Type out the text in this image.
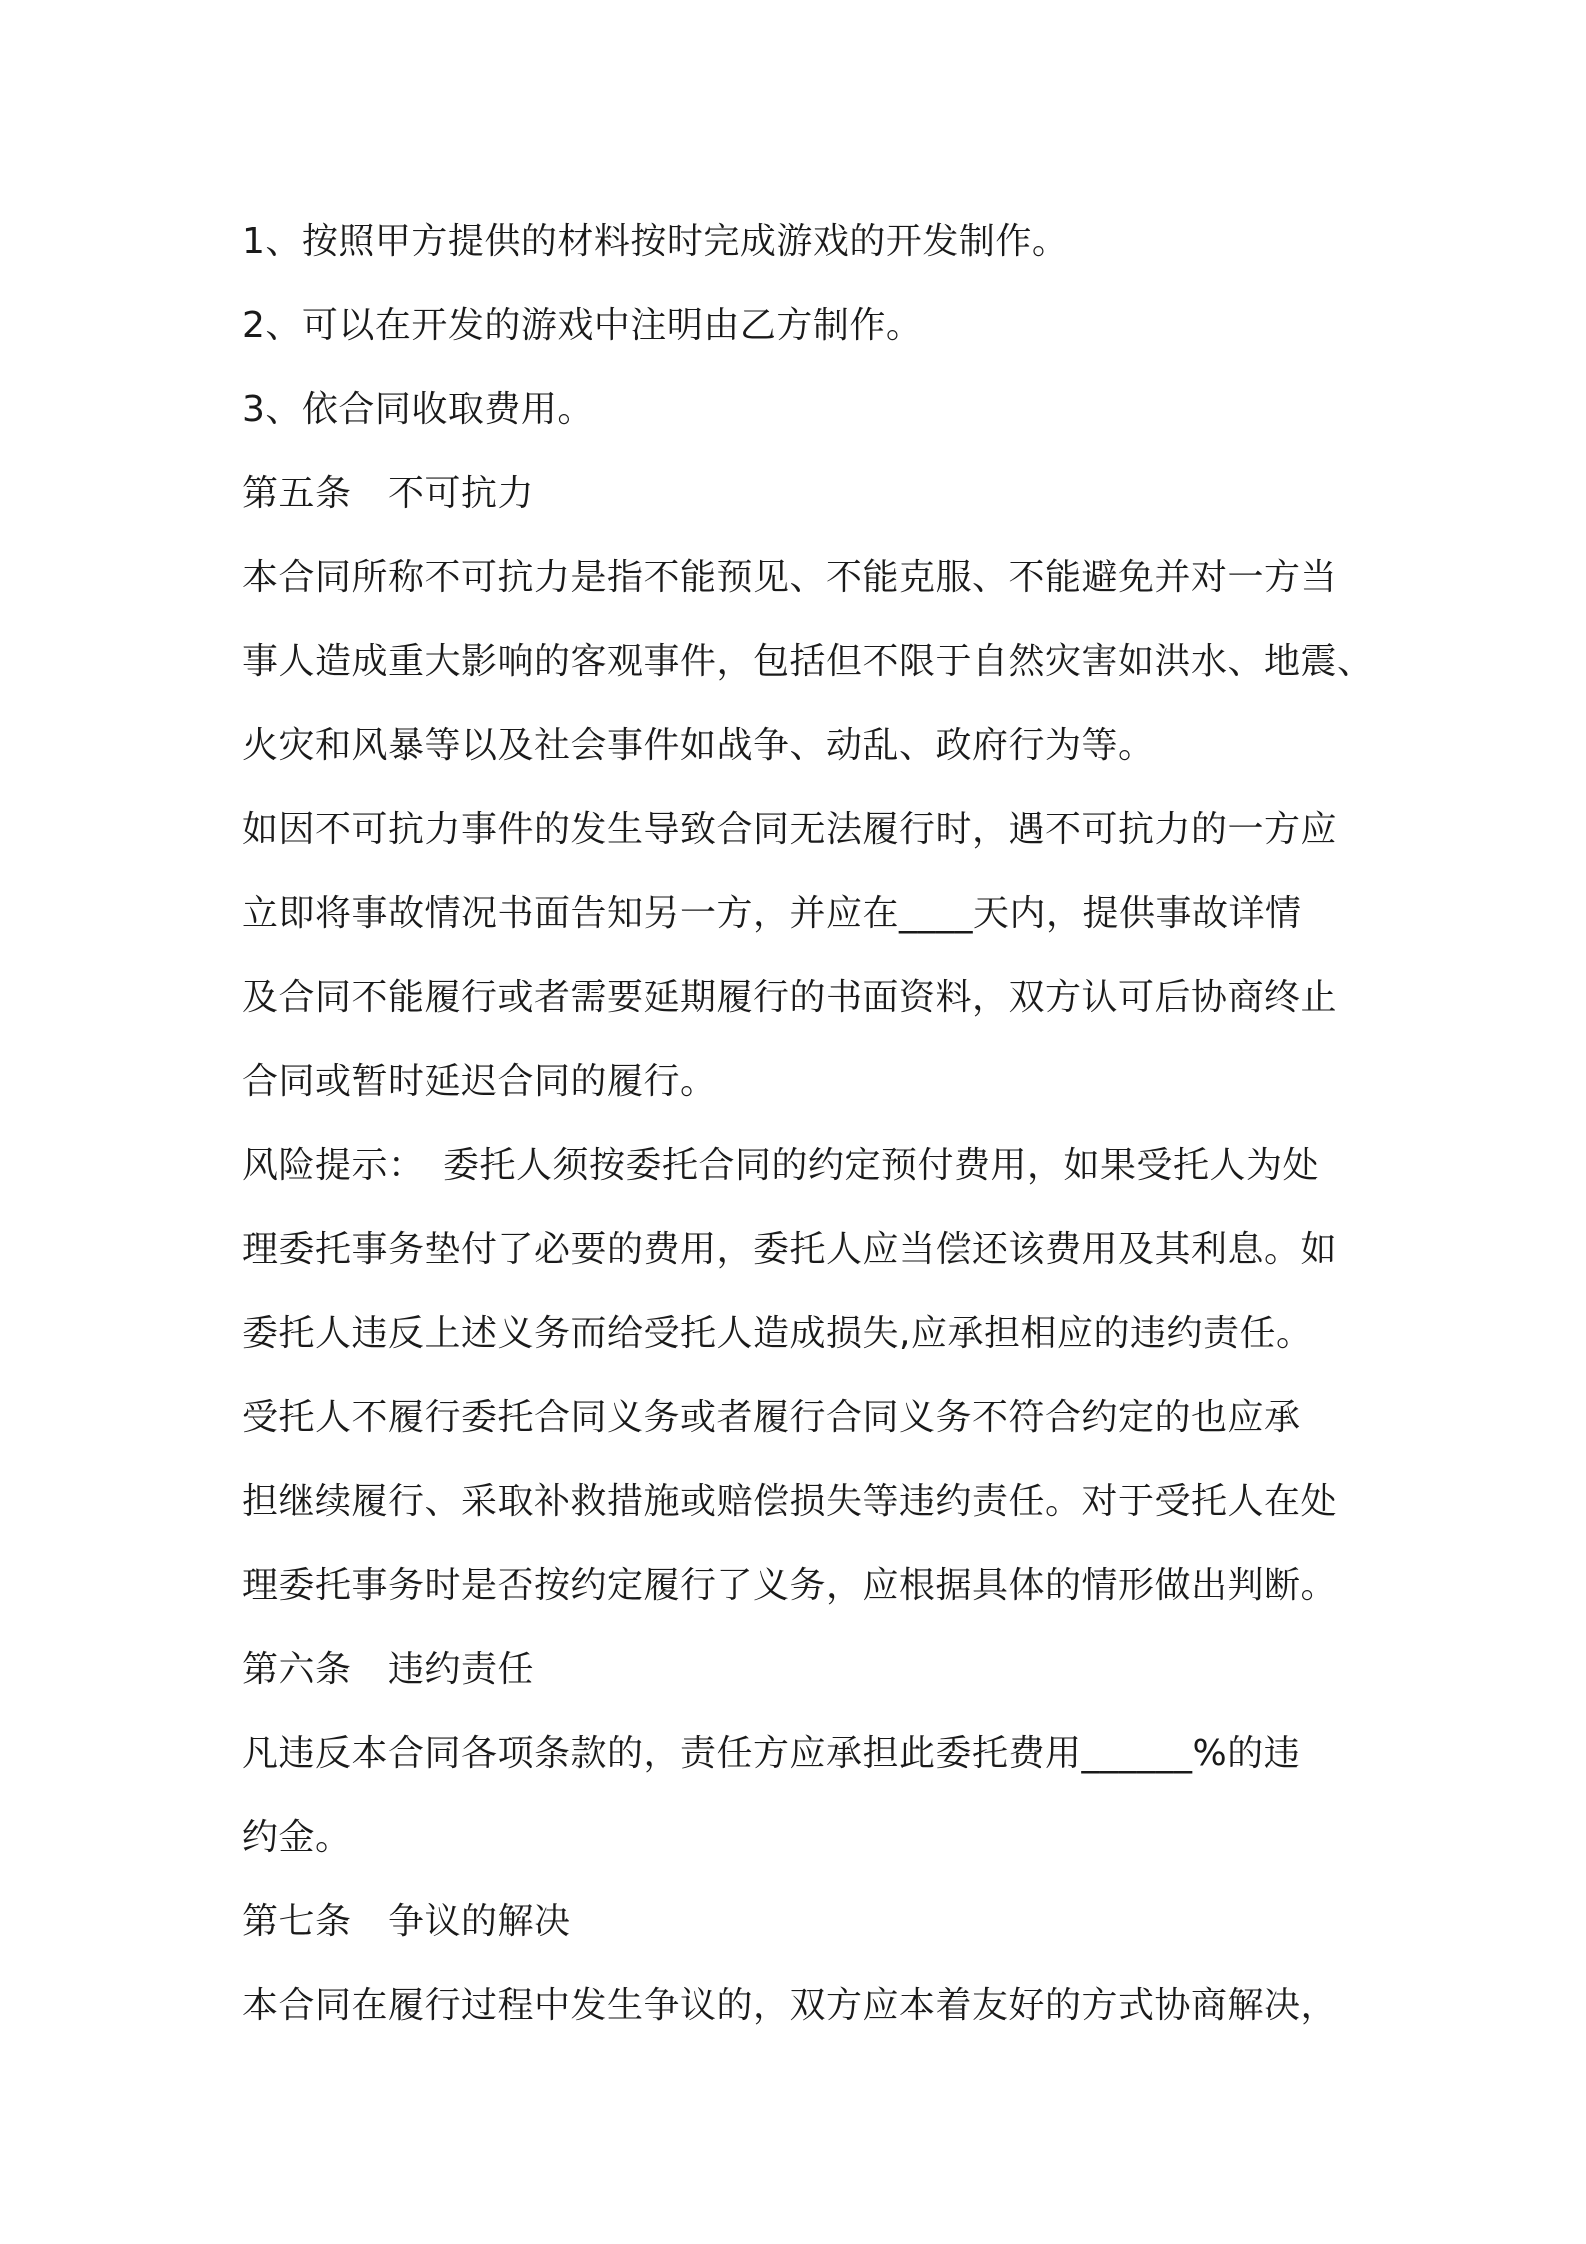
1、按照甲方提供的材料按时完成游戏的开发制作。
2、可以在开发的游戏中注明由乙方制作。
3、依合同收取费用。
第五条　不可抗力
本合同所称不可抗力是指不能预见、不能克服、不能避免并对一方当
事人造成重大影响的客观事件，包括但不限于自然灾害如洪水、地震、
火灾和风暴等以及社会事件如战争、动乱、政府行为等。
如因不可抗力事件的发生导致合同无法履行时，遇不可抗力的一方应
立即将事故情况书面告知另一方，并应在____天内，提供事故详情
及合同不能履行或者需要延期履行的书面资料，双方认可后协商终止
合同或暂时延迟合同的履行。
风险提示：　委托人须按委托合同的约定预付费用，如果受托人为处
理委托事务垫付了必要的费用，委托人应当偿还该费用及其利息。如
委托人违反上述义务而给受托人造成损失,应承担相应的违约责任。
受托人不履行委托合同义务或者履行合同义务不符合约定的也应承
担继续履行、采取补救措施或赔偿损失等违约责任。对于受托人在处
理委托事务时是否按约定履行了义务，应根据具体的情形做出判断。
第六条　违约责任
凡违反本合同各项条款的，责任方应承担此委托费用______%的违
约金。
第七条　争议的解决
本合同在履行过程中发生争议的，双方应本着友好的方式协商解决，
